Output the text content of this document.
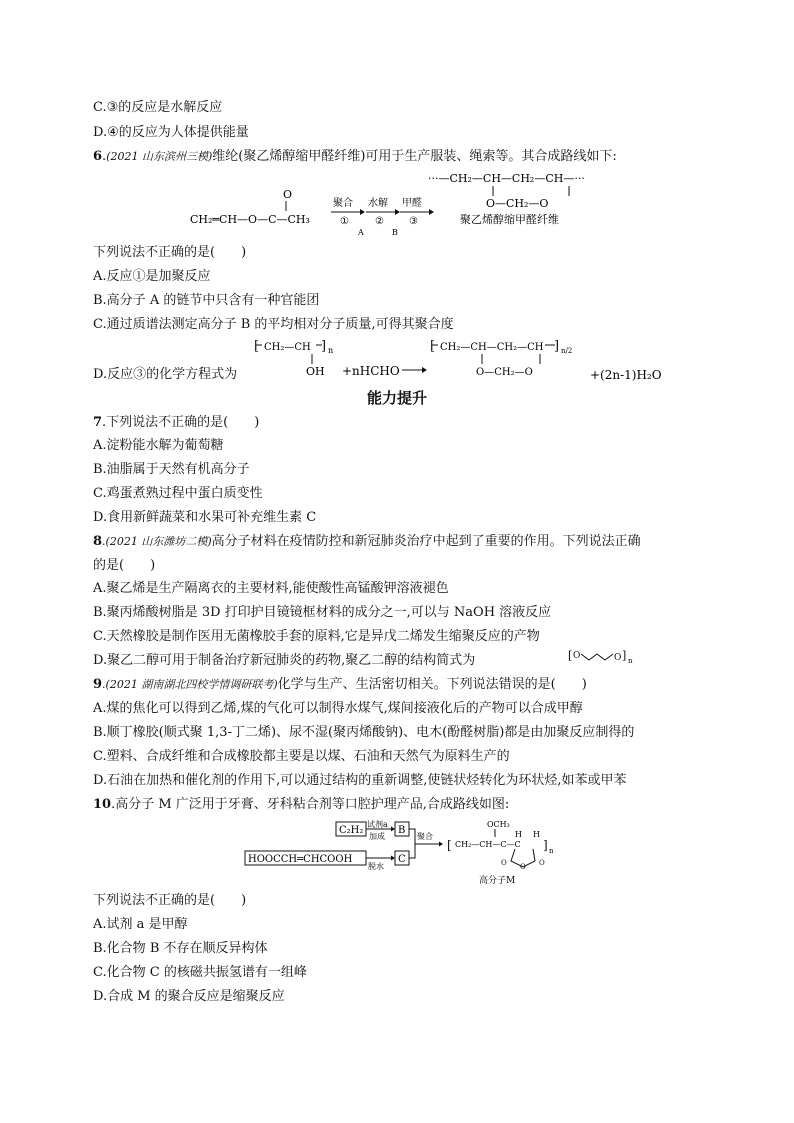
C.③的反应是水解反应
D.④的反应为人体提供能量
6.(2021 山东滨州三模)维纶(聚乙烯醇缩甲醛纤维)可用于生产服装、绳索等。其合成路线如下:
O
CH₂═CH—O—C—CH₃
聚合
①
水解
②
甲醛
③
A	B
···—CH₂—CH—CH₂—CH—···
O—CH₂—O
聚乙烯醇缩甲醛纤维
下列说法不正确的是(　　)
A.反应①是加聚反应
B.高分子 A 的链节中只含有一种官能团
C.通过质谱法测定高分子 B 的平均相对分子质量,可得其聚合度
D.反应③的化学方程式为
[ CH₂—CH ] n
OH +nHCHO
[ CH₂—CH—CH₂—CH ] n/2
O—CH₂—O	+(2n-1)H₂O
能力提升
7.下列说法不正确的是(　　)
A.淀粉能水解为葡萄糖
B.油脂属于天然有机高分子
C.鸡蛋煮熟过程中蛋白质变性
D.食用新鲜蔬菜和水果可补充维生素 C
8.(2021 山东潍坊二模)高分子材料在疫情防控和新冠肺炎治疗中起到了重要的作用。下列说法正确
的是(　　)
A.聚乙烯是生产隔离衣的主要材料,能使酸性高锰酸钾溶液褪色
B.聚丙烯酸树脂是 3D 打印护目镜镜框材料的成分之一,可以与 NaOH 溶液反应
C.天然橡胶是制作医用无菌橡胶手套的原料,它是异戊二烯发生缩聚反应的产物
D.聚乙二醇可用于制备治疗新冠肺炎的药物,聚乙二醇的结构简式为	[ O	O ] n
9.(2021 湖南湖北四校学情调研联考)化学与生产、生活密切相关。下列说法错误的是(　　)
A.煤的焦化可以得到乙烯,煤的气化可以制得水煤气,煤间接液化后的产物可以合成甲醇
B.顺丁橡胶(顺式聚 1,3-丁二烯)、尿不湿(聚丙烯酸钠)、电木(酚醛树脂)都是由加聚反应制得的
C.塑料、合成纤维和合成橡胶都主要是以煤、石油和天然气为原料生产的
D.石油在加热和催化剂的作用下,可以通过结构的重新调整,使链状烃转化为环状烃,如苯或甲苯
10.高分子 M 广泛用于牙膏、牙科粘合剂等口腔护理产品,合成路线如图:
C₂H₂
试剂a
加成
B
HOOCCH═CHCOOH
脱水
C
聚合
[
OCH₃
H H
CH₂—CH—C—C
O
O	O
] n
高分子M
下列说法不正确的是(　　)
A.试剂 a 是甲醇
B.化合物 B 不存在顺反异构体
C.化合物 C 的核磁共振氢谱有一组峰
D.合成 M 的聚合反应是缩聚反应
